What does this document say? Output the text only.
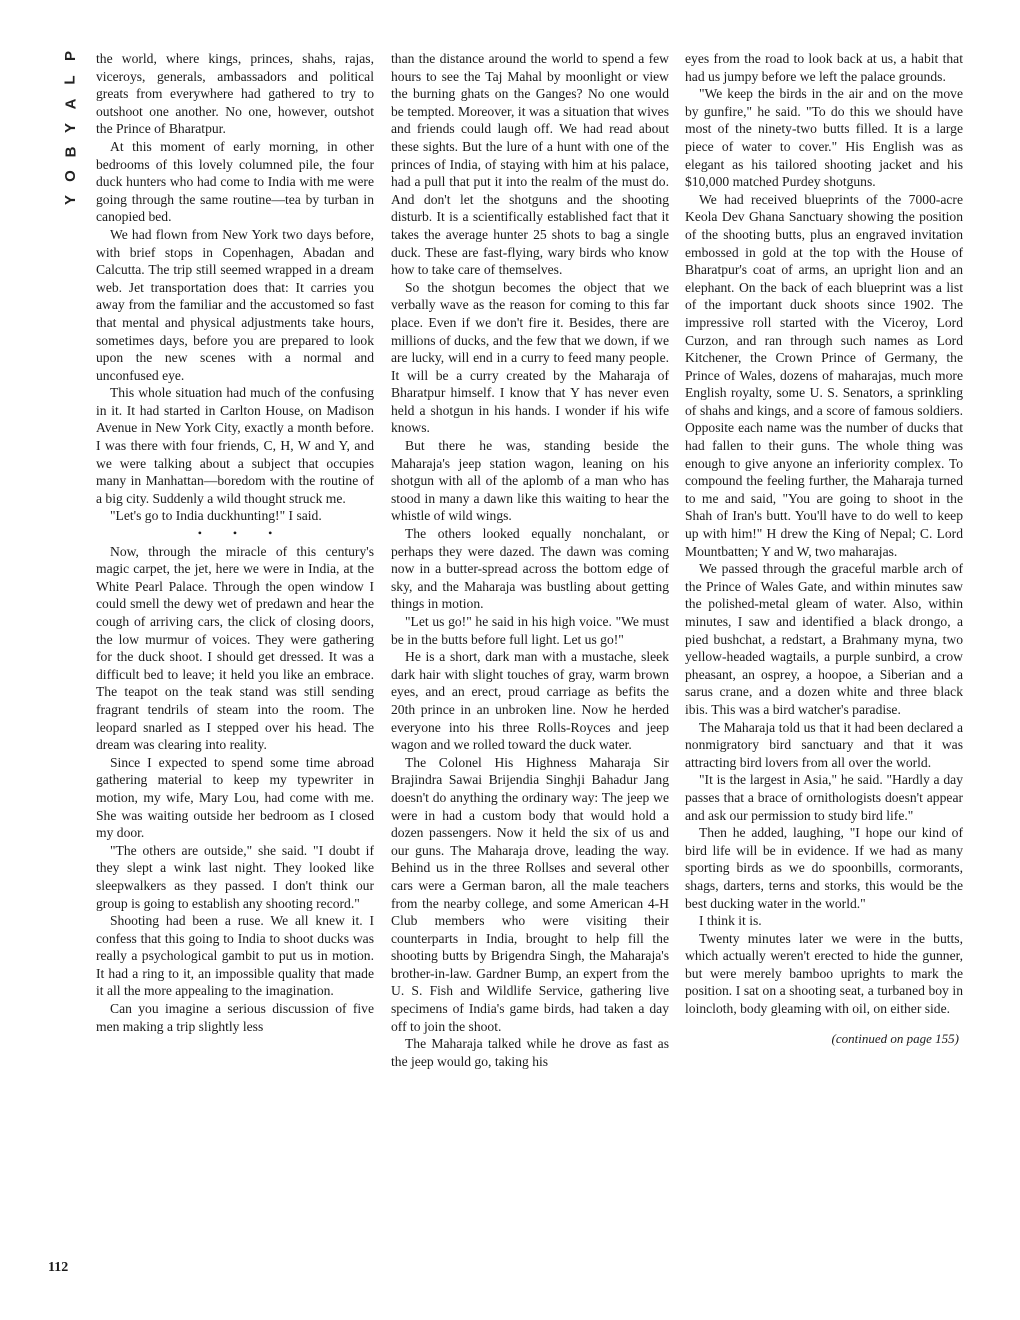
P
L
A
Y
B
O
Y

the world, where kings, princes, shahs, rajas, viceroys, generals, ambassadors and political greats from everywhere had gathered to try to outshoot one another. No one, however, outshot the Prince of Bharatpur.

At this moment of early morning, in other bedrooms of this lovely columned pile, the four duck hunters who had come to India with me were going through the same routine—tea by turban in canopied bed.

We had flown from New York two days before, with brief stops in Copenhagen, Abadan and Calcutta. The trip still seemed wrapped in a dream web. Jet transportation does that: It carries you away from the familiar and the accustomed so fast that mental and physical adjustments take hours, sometimes days, before you are prepared to look upon the new scenes with a normal and unconfused eye.

This whole situation had much of the confusing in it. It had started in Carlton House, on Madison Avenue in New York City, exactly a month before. I was there with four friends, C, H, W and Y, and we were talking about a subject that occupies many in Manhattan—boredom with the routine of a big city. Suddenly a wild thought struck me.

"Let's go to India duckhunting!" I said.

• • •

Now, through the miracle of this century's magic carpet, the jet, here we were in India, at the White Pearl Palace. Through the open window I could smell the dewy wet of predawn and hear the cough of arriving cars, the click of closing doors, the low murmur of voices. They were gathering for the duck shoot. I should get dressed. It was a difficult bed to leave; it held you like an embrace. The teapot on the teak stand was still sending fragrant tendrils of steam into the room. The leopard snarled as I stepped over his head. The dream was clearing into reality.

Since I expected to spend some time abroad gathering material to keep my typewriter in motion, my wife, Mary Lou, had come with me. She was waiting outside her bedroom as I closed my door.

"The others are outside," she said. "I doubt if they slept a wink last night. They looked like sleepwalkers as they passed. I don't think our group is going to establish any shooting record."

Shooting had been a ruse. We all knew it. I confess that this going to India to shoot ducks was really a psychological gambit to put us in motion. It had a ring to it, an impossible quality that made it all the more appealing to the imagination.

Can you imagine a serious discussion of five men making a trip slightly less

112

than the distance around the world to spend a few hours to see the Taj Mahal by moonlight or view the burning ghats on the Ganges? No one would be tempted. Moreover, it was a situation that wives and friends could laugh off. We had read about these sights. But the lure of a hunt with one of the princes of India, of staying with him at his palace, had a pull that put it into the realm of the must do. And don't let the shotguns and the shooting disturb. It is a scientifically established fact that it takes the average hunter 25 shots to bag a single duck. These are fast-flying, wary birds who know how to take care of themselves.

So the shotgun becomes the object that we verbally wave as the reason for coming to this far place. Even if we don't fire it. Besides, there are millions of ducks, and the few that we down, if we are lucky, will end in a curry to feed many people. It will be a curry created by the Maharaja of Bharatpur himself. I know that Y has never even held a shotgun in his hands. I wonder if his wife knows.

But there he was, standing beside the Maharaja's jeep station wagon, leaning on his shotgun with all of the aplomb of a man who has stood in many a dawn like this waiting to hear the whistle of wild wings.

The others looked equally nonchalant, or perhaps they were dazed. The dawn was coming now in a butter-spread across the bottom edge of sky, and the Maharaja was bustling about getting things in motion.

"Let us go!" he said in his high voice. "We must be in the butts before full light. Let us go!"

He is a short, dark man with a mustache, sleek dark hair with slight touches of gray, warm brown eyes, and an erect, proud carriage as befits the 20th prince in an unbroken line. Now he herded everyone into his three Rolls-Royces and jeep wagon and we rolled toward the duck water.

The Colonel His Highness Maharaja Sir Brajindra Sawai Brijendia Singhji Bahadur Jang doesn't do anything the ordinary way: The jeep we were in had a custom body that would hold a dozen passengers. Now it held the six of us and our guns. The Maharaja drove, leading the way. Behind us in the three Rollses and several other cars were a German baron, all the male teachers from the nearby college, and some American 4-H Club members who were visiting their counterparts in India, brought to help fill the shooting butts by Brigendra Singh, the Maharaja's brother-in-law. Gardner Bump, an expert from the U. S. Fish and Wildlife Service, gathering live specimens of India's game birds, had taken a day off to join the shoot.

The Maharaja talked while he drove as fast as the jeep would go, taking his

eyes from the road to look back at us, a habit that had us jumpy before we left the palace grounds.

"We keep the birds in the air and on the move by gunfire," he said. "To do this we should have most of the ninety-two butts filled. It is a large piece of water to cover." His English was as elegant as his tailored shooting jacket and his $10,000 matched Purdey shotguns.

We had received blueprints of the 7000-acre Keola Dev Ghana Sanctuary showing the position of the shooting butts, plus an engraved invitation embossed in gold at the top with the House of Bharatpur's coat of arms, an upright lion and an elephant. On the back of each blueprint was a list of the important duck shoots since 1902. The impressive roll started with the Viceroy, Lord Curzon, and ran through such names as Lord Kitchener, the Crown Prince of Germany, the Prince of Wales, dozens of maharajas, much more English royalty, some U. S. Senators, a sprinkling of shahs and kings, and a score of famous soldiers. Opposite each name was the number of ducks that had fallen to their guns. The whole thing was enough to give anyone an inferiority complex. To compound the feeling further, the Maharaja turned to me and said, "You are going to shoot in the Shah of Iran's butt. You'll have to do well to keep up with him!" H drew the King of Nepal; C. Lord Mountbatten; Y and W, two maharajas.

We passed through the graceful marble arch of the Prince of Wales Gate, and within minutes saw the polished-metal gleam of water. Also, within minutes, I saw and identified a black drongo, a pied bushchat, a redstart, a Brahmany myna, two yellow-headed wagtails, a purple sunbird, a crow pheasant, an osprey, a hoopoe, a Siberian and a sarus crane, and a dozen white and three black ibis. This was a bird watcher's paradise.

The Maharaja told us that it had been declared a nonmigratory bird sanctuary and that it was attracting bird lovers from all over the world.

"It is the largest in Asia," he said. "Hardly a day passes that a brace of ornithologists doesn't appear and ask our permission to study bird life."

Then he added, laughing, "I hope our kind of bird life will be in evidence. If we had as many sporting birds as we do spoonbills, cormorants, shags, darters, terns and storks, this would be the best ducking water in the world."

I think it is.

Twenty minutes later we were in the butts, which actually weren't erected to hide the gunner, but were merely bamboo uprights to mark the position. I sat on a shooting seat, a turbaned boy in loincloth, body gleaming with oil, on either side.

(continued on page 155)
